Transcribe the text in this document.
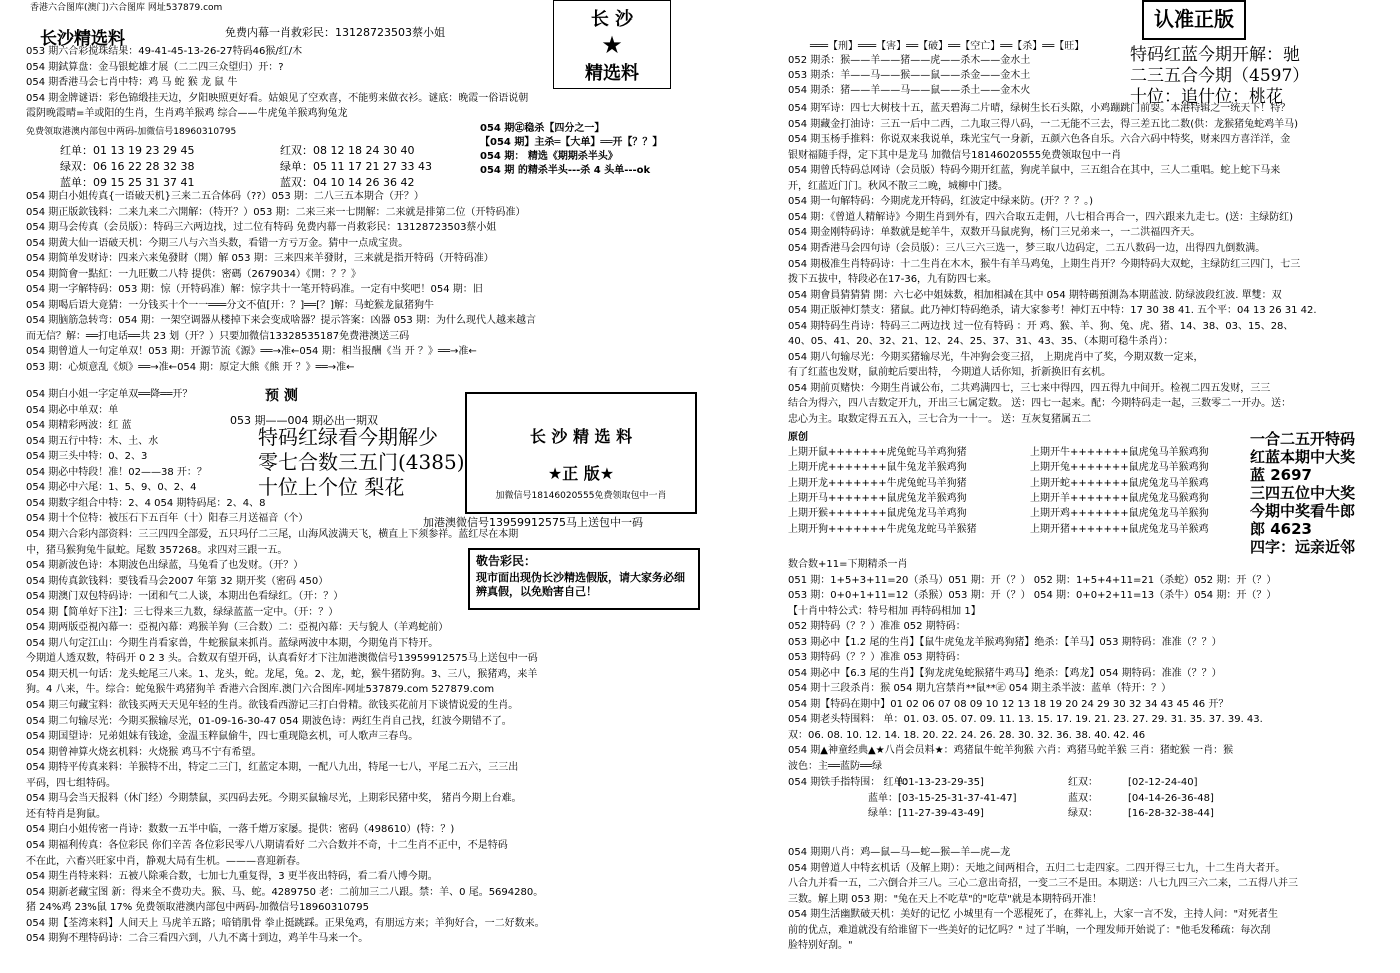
香港六合图库(澳门)六合图库 网址537879.com
长沙精选料	免费内幕一肖救彩民：13128723503蔡小姐
长 沙
★
精选料
053 期六合彩搅珠结果：49-41-45-13-26-27特码46猴/红/木
054 期鉽算盘：金马银蛇雄才展（二二四三众望归）开：?
054 期香港马会七肖中特：鸡 马 蛇 猴 龙 鼠 牛
054 期金牌谜语：彩色锦缎挂天边，夕阳映照更好看。姑娘见了空欢喜，不能剪来做衣衫。谜底：晚霞一俗语说朝
霞阴晚霞晴=羊或阳的生肖，生肖鸡羊猴鸡 综合——牛虎兔羊猴鸡狗兔龙
免费领取港澳内部包中两码-加微信号18960310795
红单：01 13 19 23 29 45
绿双：06 16 22 28 32 38
蓝单：09 15 25 31 37 41
红双：08 12 18 24 30 40
绿单：05 11 17 21 27 33 43
蓝双：04 10 14 26 36 42
054 期㊣稳杀【四分之一】
【054 期】主杀═【大单】══开【？？】
054 期： 精选《期期杀半头》
054 期 的精杀半头---杀 4 头单---ok
054 期白小姐传真{一语破天机}三来二五合体码（??）053 期：二八三五本期合（开？）
054 期正版欽钱料：二来九来二六開解：（特开？）053 期：二来三来一七開解：二来就是排第二位（开特码准）
054 期马会传真（会员版）：特码三六两边找，过二位有特码 免费内幕一肖救彩民：13128723503蔡小姐
054 期黄大仙一语破天机：今期三八与六当头数，看错一方亏万金。猜中一点成宝贵。
054 期简单发财诗：四来六来兔發財（開）解 053 期：三来四来羊發財，三来就是指开特码（开特码准）
054 期简會一點紅：一九旺數二八特 提供：密碼（2679034）《開：？？》
054 期一字解特码：053 期：惊（开特码准）解：惊字共十一笔开特码准。一定有中奖吧！054 期：旧
054 期喝后语大竟猜：一分钱买十个一一═══分文不值[开：？]══[？]解：马蛇猴龙鼠猪狗牛
054 期脑筋急转弯：054 期：一架空调器从楼掉下来会变成啥器？提示答案：凶器 053 期：为什么现代人越来越言
而无信？解：══打电话══共 23 划（开？）只要加微信13328535187免费港澳送三码
054 期曾道人一句定单双！053 期：开源节流《源》══→准←054 期：相当报酬《当 开 ？》══→准←
053 期：心烦意乱《烦》══→准←054 期：原定大熊《熊 开 ？》══→准←
预 测
053 期——004 期必出一期双
特码红绿看今期解少
零七合数三五门(4385)
十位上个位 梨花
长 沙 精 选 料
★正 版★
加微信号18146020555免费领取包中一肖
加港澳微信号13959912575马上送包中一码
敬告彩民：
现市面出现伪长沙精选假版，请大家务必细辨真假，以免贻害自己！
054 期白小姐一字定单双══降══开？
054 期必中单双：单
054 期精彩两波：红 蓝
054 期五行中特：木、土、水
054 期三头中特：0、2、3
054 期必中特段！准！02——38 开：？
054 期必中六尾：1、5、9、0、2、4
054 期数字组合中特：2、4 054 期特码尾：2、4、8
054 期十个位特：被压石下五百年（十）阳春三月送福音（个）
054 期六合彩内部资料：三三四四全部爱，五只玛仔二三尾，山海风波满天飞，横直上下须参祥。蓝红尽在本期
中，猪马猴狗兔牛鼠蛇。尾数 357268。求四对三跟一五。
054 期新波色诗：本期波色出绿蓝，马兔看了也发财。（开？）
054 期传真欽钱料：要钱看马会2007 年第 32 期开奖（密码 450）
054 期澳门双包特码诗：一团和气二人谈，本期出色看绿红。（开：？）
054 期【简单好下注】：三七得来三九数，绿绿蓝蓝一定中。（开：？）
054 期两版亞視內幕一：亞視內幕：鸡猴羊狗（三合数）二：亞視內幕：天与貌人（羊鸡蛇前）
054 期八句定江山：今期生肖看家兽，牛蛇猴鼠来抓肖。蓝绿两波中本期，今期兔肖下特开。
今期道人透双数，特码开 0 2 3 头。合数双有望开码，认真看好才下注加港澳微信号13959912575马上送包中一码
054 期天机一句话：龙头蛇尾三八来。1、龙头，蛇。龙尾，兔。2、龙，蛇，猴牛猪防狗。3、三八，猴猪鸡，来羊
狗。4 八来，牛。综合：蛇兔猴牛鸡猪狗羊 香港六合图库.澳门六合图库-网址537879.com 527879.com
054 期三句藏宝料：欲钱买两天天见年轻的生肖。欲钱看西游记三打白骨精。欲钱买花前月下谈情说爱的生肖。
054 期二句输尽光：今期买猴输尽光，01-09-16-30-47 054 期波色诗：两红生肖自己找，红波今期错不了。
054 期国望诗：兄弟姐妹有钱途，金温玉粹鼠偷牛，四七重现隐玄机，可人歌声三春鸟。
054 期曾神算火烧玄机料：火烧猴 鸡马不宁有希望。
054 期特平传真来料：羊猴特不出，特定二三门，红蓝定本期，一配八九出，特尾一七八，平尾二五六，三三出
平码，四七组特码。
054 期马会当天报料（休门经）今期禁鼠，买四码去死。今期买鼠输尽光，上期彩民猪中奖， 猪肖今期上台难。
还有特肖是狗鼠。
054 期白小姐传密一肖诗：数数一五半中临，一落千熷万家屡。提供：密码（498610）(特：？)
054 期福利传真：各位彩民 你们辛苦 各位彩民零八八期请看好 二六合数并不奇，十二生肖不正中，不是特码
不在此，六畜兴旺家中肖，静观大局有生机。———喜迎新春。
054 期生肖特来料：五被八除乘合数，七加七九重复得，3 更半夜出特码，看二看八博今期。
054 期新老藏宝图 新：得来全不费功夫。猴、马、蛇。4289750 老：二前加三二八跟。禁：羊、0 尾。5694280。
猪 24%鸡 23%鼠 17% 免费领取港澳内部包中两码-加微信号18960310795
054 期【荃湾来料】人间天上 马虎羊五路；喑销肌骨 拳止挺跳踩。正果兔鸡，有朋远方来；羊狗好合，一二好数来。
054 期狗不理特码诗：二合三看四六到，八九不离十到边，鸡羊牛马来一个。
认准正版
═══【刑】═══【害】══【破】══【空亡】══【杀】══【旺】
052 期杀：猴——羊——猪——虎——杀木——金水土
053 期杀：羊——马——猴——鼠——杀金——金木土
054 期杀：猪——羊——马——鼠——杀土——金木火
特码红蓝今期开解：驰
二三五合今期（4597）
十位：追什位：桃花
054 期军诗：四七大树枝十五，蓝天碧海二片晴，绿树生长石头隙，小鸡蹦跳门前耍。本港特辑之一统天下！特？
054 期藏金打油诗：三五一后中二西，二九取三得八码，一二无能不三去，得三差五比二数(供：龙猴猪兔蛇鸡羊马)
054 期玉杨手推料：你说双来我说单，珠光宝气一身新，五颜六色各自乐。六合六码中特奖，财来四方喜洋洋，金
银财福随手得，定下其中是龙马 加微信号18146020555免费领取包中一肖
054 期曾氏特码总网诗（会员版）特码今期开红蓝，狗虎羊鼠中，三五组合在其中，三人二重唱。蛇上蛇下马来
开，红蓝近门门。秋风不散三二晚，城柳中门搂。
054 期一句解特码：今期虎龙开特码，红波定中绿来防。(开？？？。)
054 期：《曾道人精解诗》今期生肖到外有，四六合取五走佣，八七相合再合一，四六跟来九走七。(送：主绿防红)
054 期金刚特码诗：单数就是蛇羊牛，双数开马鼠虎狗，杨门三兄弟来一，一二洪福四齐天。
054 期香港马会四句诗（会员版）：三八三六三选一，梦三取八边码定，二五八数码一边，出得四九倒数满。
054 期极准生肖特码诗：十二生肖在木木，猴牛有羊马鸡兔，上期生肖开？今期特码大双蛇，主绿防红三四门，七三
拨下五拔中，特段必在17-36，九有防四七来。
054 期會員猜猜猜 開：六七必中姐妹数，相加相减在其中 054 期特碼預測為本期蓝波. 防绿波段红波. 單雙：双
054 期正版神灯禁支：猪鼠。此乃神灯特码绝杀，请大家参考！神灯五中特：17 30 38 41. 五个平：04 13 26 31 42.
054 期特码生肖诗：特码三二两边找 过一位有特码 ：开 鸡、猴、羊、狗、兔、虎、猪、14、38、03、15、28、
40、05、41、20、32、21、12、24、25、37、31、43、35、（本期可稳牛杀肖）：
054 期八句输尽光：今期买猪输尽光，牛冲狗会变三招， 上期虎肖中了奖，今期双数一定来，
有了红蓝也发财，鼠前蛇后要出特， 今期道人话你知，折新换旧有玄机。
054 期前页赌快：今期生肖诚公布，二共鸡满四七，三七来中得四，四五得九中间开。检视二四五发财，三三
结合为得六，四八吉数定开九，开出三七属定数。 送：四七一起来。配：今期特码走一起，三数零二一开办。送：
忠心为主。取数定得五五入，三七合为一十一。 送：互灰复猪属五二
原创
上期开鼠+++++++虎兔蛇马羊鸡狗猪	上期开牛+++++++鼠虎兔马羊猴鸡狗
上期开虎+++++++鼠牛兔龙羊猴鸡狗	上期开兔+++++++鼠虎龙马羊猴鸡狗
上期开龙+++++++牛虎兔蛇马羊狗猪	上期开蛇+++++++鼠虎兔龙马羊猴鸡
上期开马+++++++鼠虎兔龙羊猴鸡狗	上期开羊+++++++鼠虎兔龙马猴鸡狗
上期开猴+++++++鼠虎兔龙马羊鸡狗	上期开鸡+++++++鼠虎兔龙马羊猴狗
上期开狗+++++++牛虎兔龙蛇马羊猴猪	上期开猪+++++++鼠虎兔龙马羊猴鸡
一合二五开特码
红蓝本期中大奖
蓝 2697
三四五位中大奖
今期中奖看牛郎
郎 4623
四字：远亲近邻
数合数+11=下期精杀一肖
051 期：1+5+3+11=20（杀马）051 期：开（？） 052 期：1+5+4+11=21（杀蛇）052 期：开（？）
053 期：0+0+1+11=12（杀猴）053 期：开（？） 054 期：0+0+2+11=13（杀牛）054 期：开（？）
【十肖中特公式：特号相加 再特码相加 1】
052 期特码（？？）准准 052 期特码：
053 期必中【1.2 尾的生肖】【鼠牛虎兔龙羊猴鸡狗猪】绝杀：【羊马】053 期特码：准准（？？）
053 期特码（？？）准准 053 期特码：
054 期必中【6.3 尾的生肖】【狗龙虎兔蛇猴猪牛鸡马】绝杀：【鸡龙】054 期特码：准准（？？）
054 期十三段杀肖：猴 054 期九宫禁肖**鼠**㊣ 054 期主杀半波：蓝单（特开：？）
054 期【特码在期中】01 02 06 07 08 09 10 12 13 18 19 20 24 29 30 32 34 43 45 46 开？
054 期老头特围料： 单：01. 03. 05. 07. 09. 11. 13. 15. 17. 19. 21. 23. 27. 29. 31. 35. 37. 39. 43.
双：06. 08. 10. 12. 14. 18. 20. 22. 24. 26. 28. 30. 32. 36. 38. 40. 42. 46
054 期▲神童经典▲★八肖会员料★：鸡猪鼠牛蛇羊狗猴 六肖：鸡猪马蛇羊猴 三肖：猪蛇猴 一肖：猴
波色：主══蓝防══绿
054 期铁手指特围： 红单：[01-13-23-29-35]	红双：	[02-12-24-40]
蓝单：[03-15-25-31-37-41-47]	蓝双：	[04-14-26-36-48]
绿单：[11-27-39-43-49]	绿双：	[16-28-32-38-44]
054 期期八肖：鸡—鼠—马—蛇—猴—羊—虎—龙
054 期曾道人中特玄机话（及解上期）：天地之间两相合，五归二七走四家。二四开得三七九，十二生肖大者开。
八合九并看一五，二六倒合并三八。三心二意出奇招，一变二三不是田。本期送：八七九四三六二来，二五得八并三
三数。解上期 053 期："兔在天上不吃草"的"吃草"就是本期特码开准！
054 期生活幽默破天机：美好的记忆 小城里有一个恶棍死了，在葬礼上，大家一言不发，主持人问："对死者生
前的优点，难道就没有给谁留下一些美好的记忆吗？" 过了半晌，一个理发师开始说了："他毛发稀疏：每次刮
脸特别好刮。"
